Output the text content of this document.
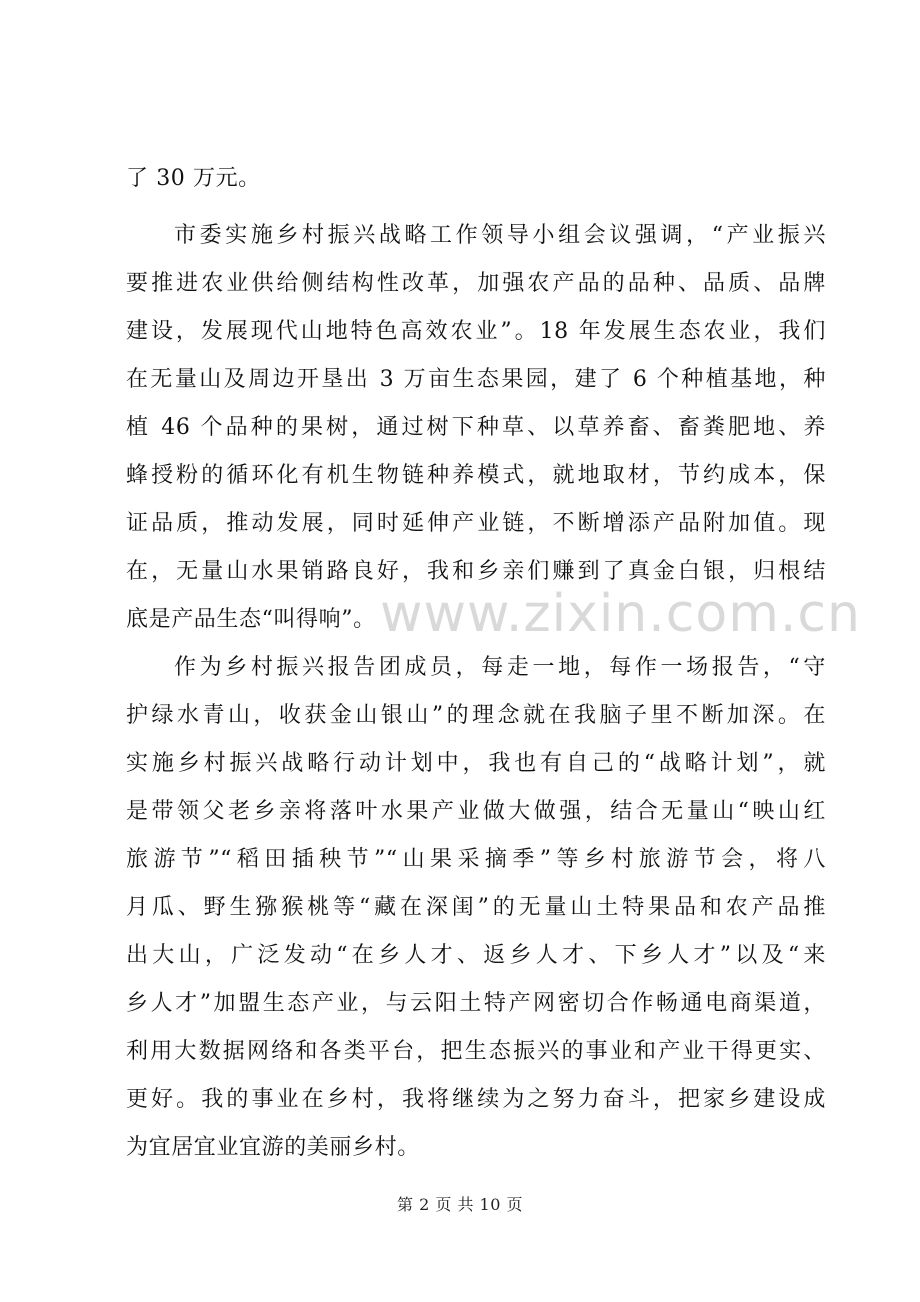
www.zixin.com.cn
了 30 万元。
市委实施乡村振兴战略工作领导小组会议强调，“产业振兴
要推进农业供给侧结构性改革，加强农产品的品种、品质、品牌
建设，发展现代山地特色高效农业”。18 年发展生态农业，我们
在无量山及周边开垦出 3 万亩生态果园，建了 6 个种植基地，种
植 46 个品种的果树，通过树下种草、以草养畜、畜粪肥地、养
蜂授粉的循环化有机生物链种养模式，就地取材，节约成本，保
证品质，推动发展，同时延伸产业链，不断增添产品附加值。现
在，无量山水果销路良好，我和乡亲们赚到了真金白银，归根结
底是产品生态“叫得响”。
作为乡村振兴报告团成员，每走一地，每作一场报告，“守
护绿水青山，收获金山银山”的理念就在我脑子里不断加深。在
实施乡村振兴战略行动计划中，我也有自己的“战略计划”，就
是带领父老乡亲将落叶水果产业做大做强，结合无量山“映山红
旅游节”“稻田插秧节”“山果采摘季”等乡村旅游节会，将八
月瓜、野生猕猴桃等“藏在深闺”的无量山土特果品和农产品推
出大山，广泛发动“在乡人才、返乡人才、下乡人才”以及“来
乡人才”加盟生态产业，与云阳土特产网密切合作畅通电商渠道，
利用大数据网络和各类平台，把生态振兴的事业和产业干得更实、
更好。我的事业在乡村，我将继续为之努力奋斗，把家乡建设成
为宜居宜业宜游的美丽乡村。
第 2 页 共 10 页
